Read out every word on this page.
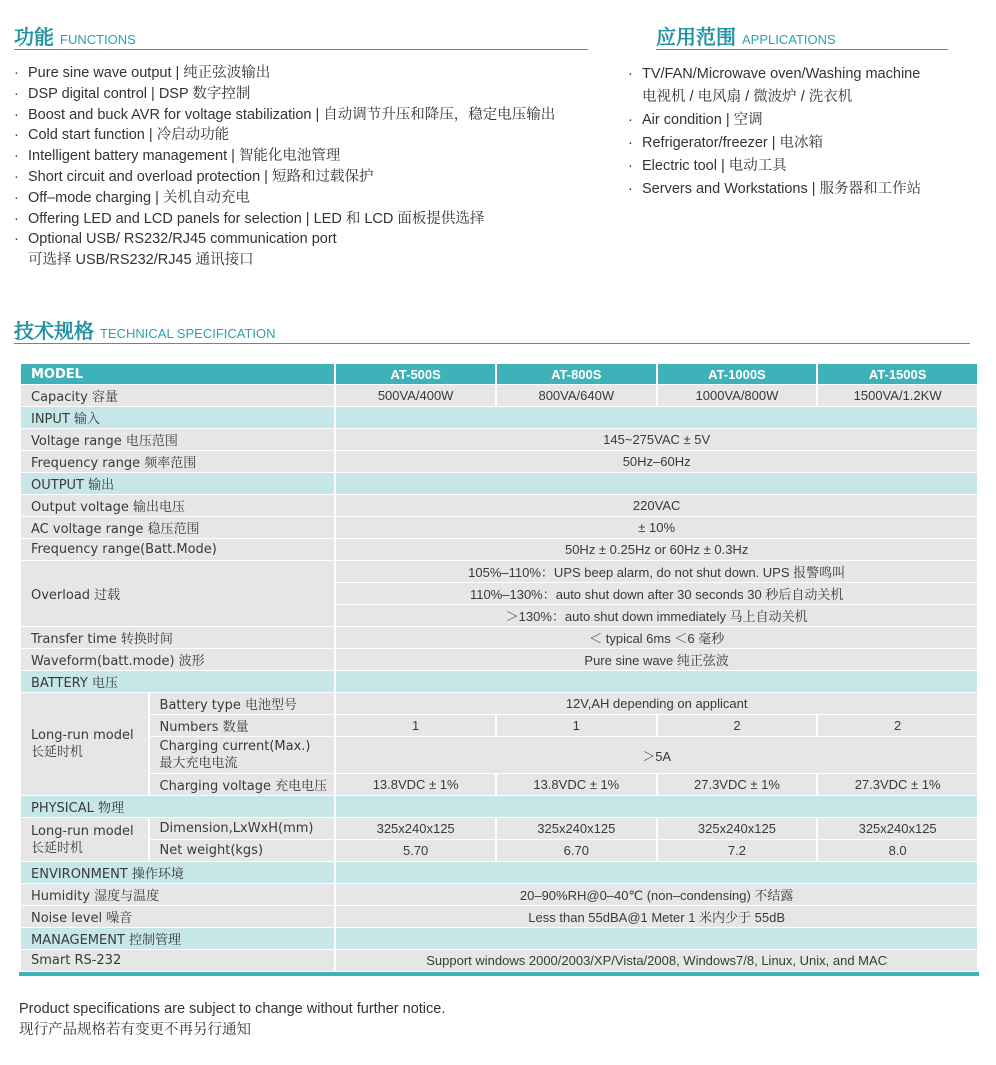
功能 FUNCTIONS
· Pure sine wave output | 纯正弦波输出
· DSP digital control | DSP 数字控制
· Boost and buck AVR for voltage stabilization | 自动调节升压和降压，稳定电压输出
· Cold start function | 冷启动功能
· Intelligent battery management | 智能化电池管理
· Short circuit and overload protection | 短路和过载保护
· Off–mode charging | 关机自动充电
· Offering LED and LCD panels for selection | LED 和 LCD 面板提供选择
· Optional USB/ RS232/RJ45 communication port
可选择 USB/RS232/RJ45 通讯接口
应用范围 APPLICATIONS
· TV/FAN/Microwave oven/Washing machine
电视机 / 电风扇 / 微波炉 / 洗衣机
· Air condition | 空调
· Refrigerator/freezer | 电冰箱
· Electric tool | 电动工具
· Servers and Workstations | 服务器和工作站
技术规格 TECHNICAL SPECIFICATION
MODEL		AT-500S	AT-800S	AT-1000S	AT-1500S
Capacity 容量		500VA/400W	800VA/640W	1000VA/800W	1500VA/1.2KW
INPUT 输入					
Voltage range 电压范围		145~275VAC ± 5V			
Frequency range 频率范围		50Hz–60Hz			
OUTPUT 输出					
Output voltage 输出电压		220VAC			
AC voltage range 稳压范围		± 10%			
Frequency range(Batt.Mode)		50Hz ± 0.25Hz or 60Hz ± 0.3Hz			
Overload 过载		105%–110%：UPS beep alarm, do not shut down. UPS 报警鸣叫			
		110%–130%：auto shut down after 30 seconds 30 秒后自动关机			
		＞130%：auto shut down immediately 马上自动关机			
Transfer time 转换时间		＜ typical 6ms ＜6 毫秒			
Waveform(batt.mode) 波形		Pure sine wave 纯正弦波			
BATTERY 电压					
Long-run model
长延时机	Battery type 电池型号	12V,AH depending on applicant			
	Numbers 数量	1	1	2	2
	Charging current(Max.)
最大充电电流	＞5A			
	Charging voltage 充电电压	13.8VDC ± 1%	13.8VDC ± 1%	27.3VDC ± 1%	27.3VDC ± 1%
PHYSICAL 物理					
Long-run model
长延时机	Dimension,LxWxH(mm)	325x240x125	325x240x125	325x240x125	325x240x125
	Net weight(kgs)	5.70	6.70	7.2	8.0
ENVIRONMENT 操作环境					
Humidity 湿度与温度		20–90%RH@0–40℃ (non–condensing) 不结露			
Noise level 噪音		Less than 55dBA@1 Meter 1 米内少于 55dB			
MANAGEMENT 控制管理					
Smart RS-232		Support windows 2000/2003/XP/Vista/2008, Windows7/8, Linux, Unix, and MAC			
Product specifications are subject to change without further notice.
现行产品规格若有变更不再另行通知
